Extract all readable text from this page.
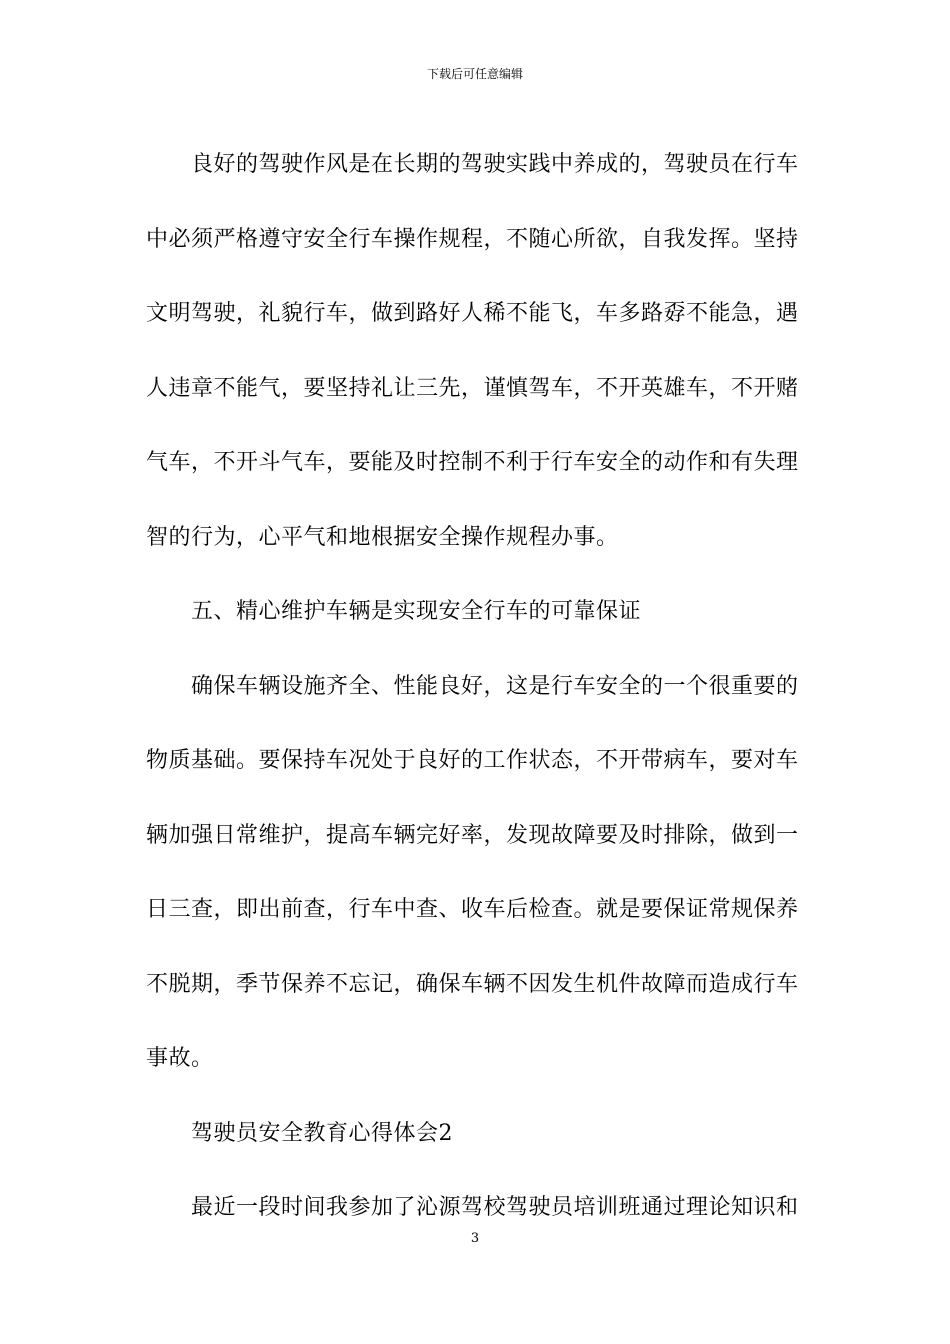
下载后可任意编辑
良好的驾驶作风是在长期的驾驶实践中养成的，驾驶员在行车
中必须严格遵守安全行车操作规程，不随心所欲，自我发挥。坚持
文明驾驶，礼貌行车，做到路好人稀不能飞，车多路孬不能急，遇
人违章不能气，要坚持礼让三先，谨慎驾车，不开英雄车，不开赌
气车，不开斗气车，要能及时控制不利于行车安全的动作和有失理
智的行为，心平气和地根据安全操作规程办事。
五、精心维护车辆是实现安全行车的可靠保证
确保车辆设施齐全、性能良好，这是行车安全的一个很重要的
物质基础。要保持车况处于良好的工作状态，不开带病车，要对车
辆加强日常维护，提高车辆完好率，发现故障要及时排除，做到一
日三查，即出前查，行车中查、收车后检查。就是要保证常规保养
不脱期，季节保养不忘记，确保车辆不因发生机件故障而造成行车
事故。
驾驶员安全教育心得体会2
最近一段时间我参加了沁源驾校驾驶员培训班通过理论知识和
3
